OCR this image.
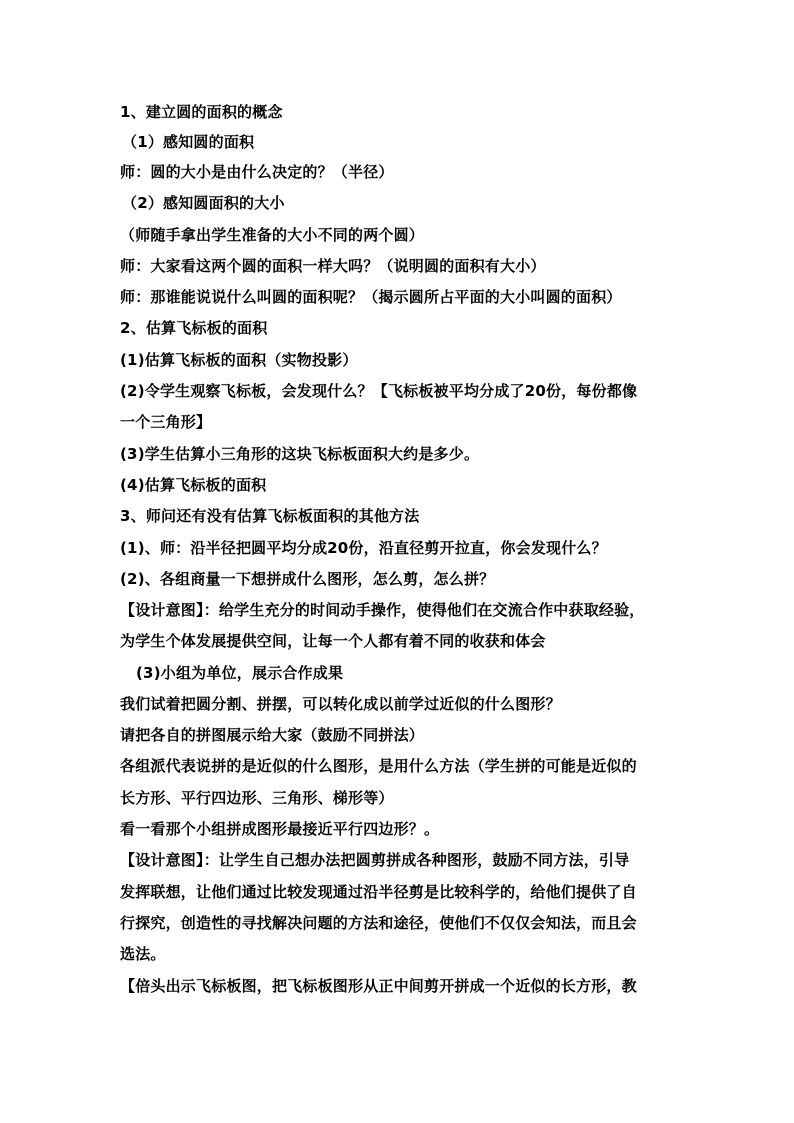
1、建立圆的面积的概念
（1）感知圆的面积
师：圆的大小是由什么决定的？（半径）
（2）感知圆面积的大小
（师随手拿出学生准备的大小不同的两个圆）
师：大家看这两个圆的面积一样大吗？（说明圆的面积有大小）
师：那谁能说说什么叫圆的面积呢？（揭示圆所占平面的大小叫圆的面积）
2、估算飞标板的面积
(1)估算飞标板的面积（实物投影）
(2)令学生观察飞标板，会发现什么？【飞标板被平均分成了20份，每份都像
一个三角形】
(3)学生估算小三角形的这块飞标板面积大约是多少。
(4)估算飞标板的面积
3、师问还有没有估算飞标板面积的其他方法
(1)、师：沿半径把圆平均分成20份，沿直径剪开拉直，你会发现什么？
(2)、各组商量一下想拼成什么图形，怎么剪，怎么拼？
【设计意图】：给学生充分的时间动手操作，使得他们在交流合作中获取经验，
为学生个体发展提供空间，让每一个人都有着不同的收获和体会
(3)小组为单位，展示合作成果
我们试着把圆分割、拼摆，可以转化成以前学过近似的什么图形？
请把各自的拼图展示给大家（鼓励不同拼法）
各组派代表说拼的是近似的什么图形，是用什么方法（学生拼的可能是近似的
长方形、平行四边形、三角形、梯形等）
看一看那个小组拼成图形最接近平行四边形？。
【设计意图】：让学生自己想办法把圆剪拼成各种图形，鼓励不同方法，引导
发挥联想，让他们通过比较发现通过沿半径剪是比较科学的，给他们提供了自
行探究，创造性的寻找解决问题的方法和途径，使他们不仅仅会知法，而且会
选法。
【倍头出示飞标板图，把飞标板图形从正中间剪开拼成一个近似的长方形，教
